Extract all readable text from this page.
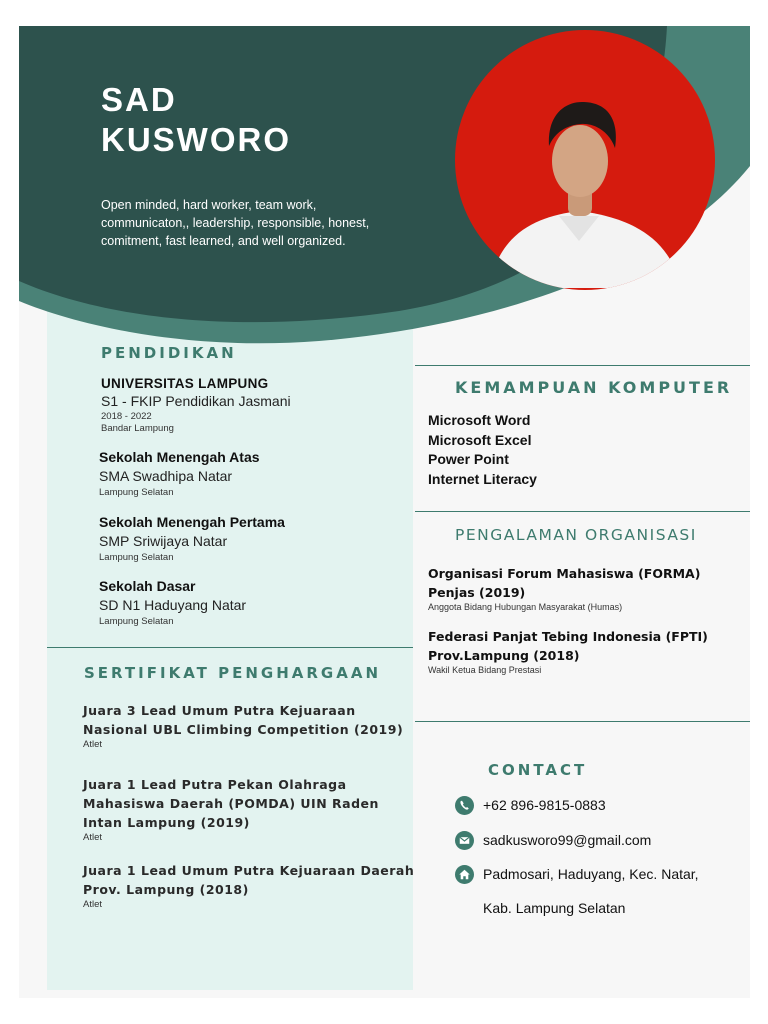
SAD
KUSWORO

Open minded, hard worker, team work, communicaton,, leadership, responsible, honest, comitment, fast learned, and well organized.

PENDIDIKAN
UNIVERSITAS LAMPUNG
S1 - FKIP Pendidikan Jasmani
2018 - 2022
Bandar Lampung
Sekolah Menengah Atas
SMA Swadhipa Natar
Lampung Selatan
Sekolah Menengah Pertama
SMP Sriwijaya Natar
Lampung Selatan
Sekolah Dasar
SD N1 Haduyang Natar
Lampung Selatan
SERTIFIKAT PENGHARGAAN
Juara 3 Lead Umum Putra Kejuaraan
Nasional UBL Climbing Competition (2019)
Atlet
Juara 1 Lead Putra Pekan Olahraga
Mahasiswa Daerah (POMDA) UIN Raden
Intan Lampung (2019)
Atlet
Juara 1 Lead Umum Putra Kejuaraan Daerah
Prov. Lampung (2018)
Atlet
KEMAMPUAN KOMPUTER
Microsoft Word
Microsoft Excel
Power Point
Internet Literacy
PENGALAMAN ORGANISASI
Organisasi Forum Mahasiswa (FORMA)
Penjas (2019)
Anggota Bidang Hubungan Masyarakat (Humas)
Federasi Panjat Tebing Indonesia (FPTI)
Prov.Lampung (2018)
Wakil Ketua Bidang Prestasi
CONTACT
+62 896-9815-0883
sadkusworo99@gmail.com
Padmosari, Haduyang, Kec. Natar,
Kab. Lampung Selatan
